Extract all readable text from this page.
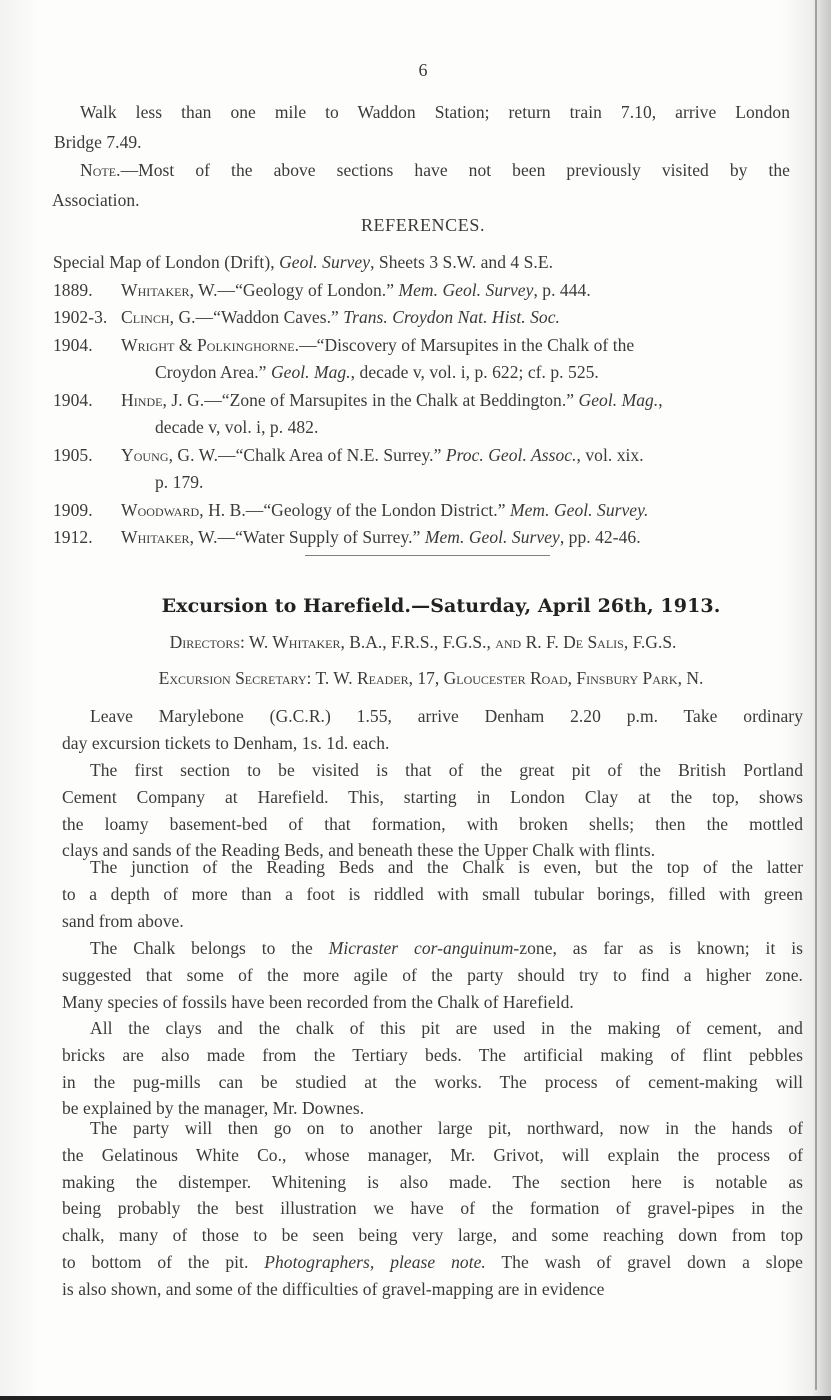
6
Walk less than one mile to Waddon Station; return train 7.10, arrive London
Bridge 7.49.
Note.—Most of the above sections have not been previously visited by the
Association.
REFERENCES.
Special Map of London (Drift), Geol. Survey, Sheets 3 S.W. and 4 S.E.
1889. Whitaker, W.—“Geology of London.” Mem. Geol. Survey, p. 444.
1902-3. Clinch, G.—“Waddon Caves.” Trans. Croydon Nat. Hist. Soc.
1904. Wright & Polkinghorne.—“Discovery of Marsupites in the Chalk of the
Croydon Area.” Geol. Mag., decade v, vol. i, p. 622; cf. p. 525.
1904. Hinde, J. G.—“Zone of Marsupites in the Chalk at Beddington.” Geol. Mag.,
decade v, vol. i, p. 482.
1905. Young, G. W.—“Chalk Area of N.E. Surrey.” Proc. Geol. Assoc., vol. xix.
p. 179.
1909. Woodward, H. B.—“Geology of the London District.” Mem. Geol. Survey.
1912. Whitaker, W.—“Water Supply of Surrey.” Mem. Geol. Survey, pp. 42-46.
Excursion to Harefield.—Saturday, April 26th, 1913.
Directors: W. Whitaker, B.A., F.R.S., F.G.S., and R. F. De Salis, F.G.S.
Excursion Secretary: T. W. Reader, 17, Gloucester Road, Finsbury Park, N.
Leave Marylebone (G.C.R.) 1.55, arrive Denham 2.20 p.m. Take ordinary
day excursion tickets to Denham, 1s. 1d. each.
The first section to be visited is that of the great pit of the British Portland
Cement Company at Harefield. This, starting in London Clay at the top, shows
the loamy basement-bed of that formation, with broken shells; then the mottled
clays and sands of the Reading Beds, and beneath these the Upper Chalk with flints.
The junction of the Reading Beds and the Chalk is even, but the top of the latter
to a depth of more than a foot is riddled with small tubular borings, filled with green
sand from above.
The Chalk belongs to the Micraster cor-anguinum-zone, as far as is known; it is
suggested that some of the more agile of the party should try to find a higher zone.
Many species of fossils have been recorded from the Chalk of Harefield.
All the clays and the chalk of this pit are used in the making of cement, and
bricks are also made from the Tertiary beds. The artificial making of flint pebbles
in the pug-mills can be studied at the works. The process of cement-making will
be explained by the manager, Mr. Downes.
The party will then go on to another large pit, northward, now in the hands of
the Gelatinous White Co., whose manager, Mr. Grivot, will explain the process of
making the distemper. Whitening is also made. The section here is notable as
being probably the best illustration we have of the formation of gravel-pipes in the
chalk, many of those to be seen being very large, and some reaching down from top
to bottom of the pit. Photographers, please note. The wash of gravel down a slope
is also shown, and some of the difficulties of gravel-mapping are in evidence
